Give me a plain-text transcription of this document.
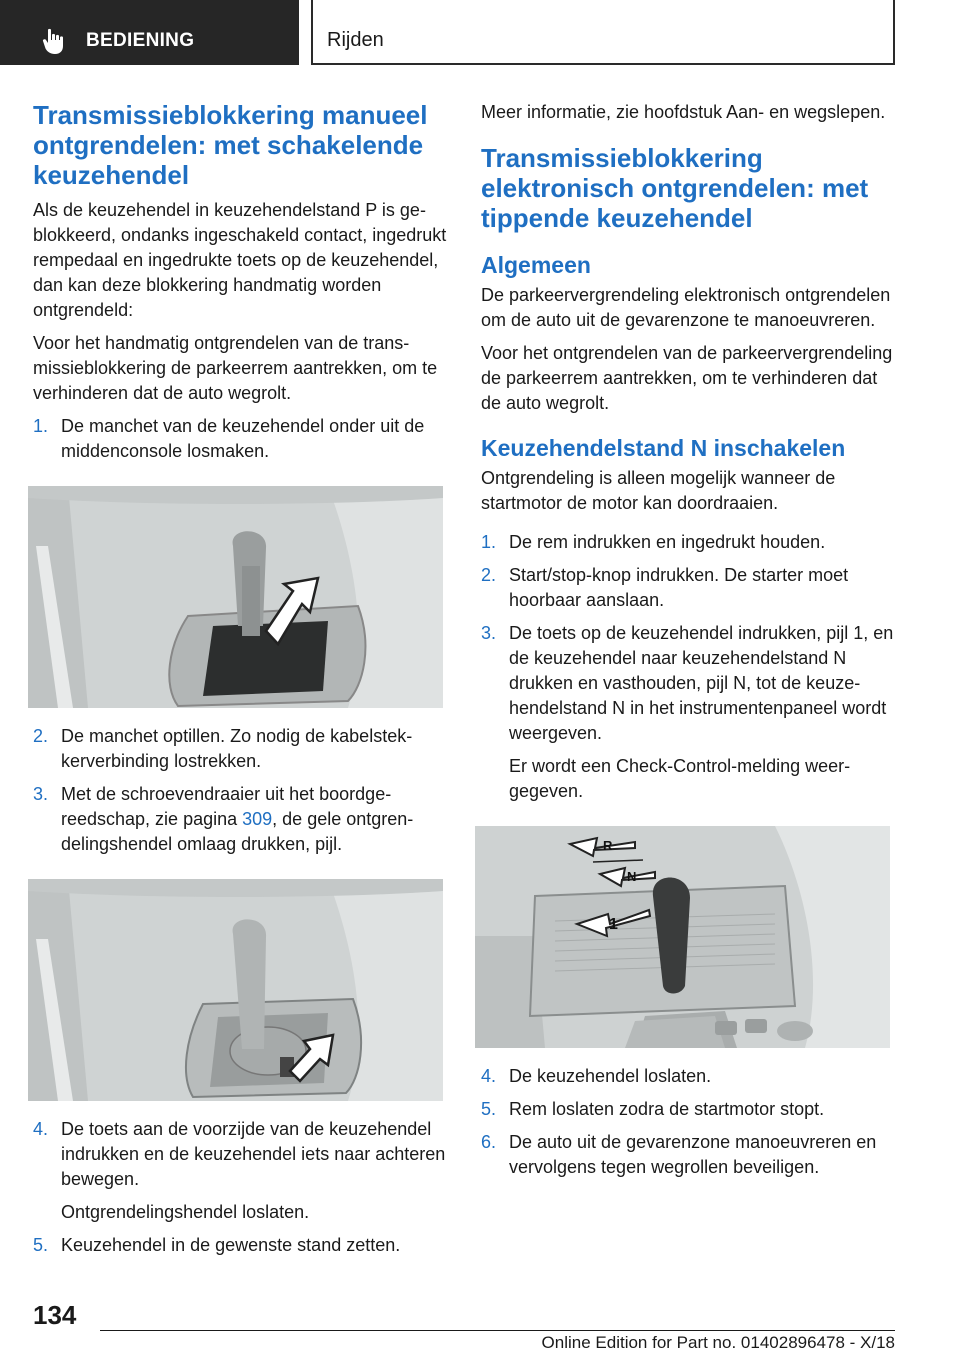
BEDIENING	Rijden
Transmissieblokkering manueel ontgrendelen: met schakelende keuzehendel

Als de keuzehendel in keuzehendelstand P is geblokkeerd, ondanks ingeschakeld contact, ingedrukt rempedaal en ingedrukte toets op de keuzehendel, dan kan deze blokkering handmatig worden ontgrendeld:

Voor het handmatig ontgrendelen van de transmissieblokkering de parkeerrem aantrekken, om te verhinderen dat de auto wegrolt.

1. De manchet van de keuzehendel onder uit de middenconsole losmaken.
2. De manchet optillen. Zo nodig de kabelstekkerverbinding lostrekken.
3. Met de schroevendraaier uit het boordgereedschap, zie pagina 309, de gele ontgrendelingshendel omlaag drukken, pijl.
4. De toets aan de voorzijde van de keuzehendel indrukken en de keuzehendel iets naar achteren bewegen.
Ontgrendelingshendel loslaten.
5. Keuzehendel in de gewenste stand zetten.

Meer informatie, zie hoofdstuk Aan- en wegslepen.

Transmissieblokkering elektronisch ontgrendelen: met tippende keuzehendel
Algemeen

De parkeervergrendeling elektronisch ontgrendelen om de auto uit de gevarenzone te manoeuvreren.

Voor het ontgrendelen van de parkeervergrendeling de parkeerrem aantrekken, om te verhinderen dat de auto wegrolt.

Keuzehendelstand N inschakelen

Ontgrendeling is alleen mogelijk wanneer de startmotor de motor kan doordraaien.

1. De rem indrukken en ingedrukt houden.
2. Start/stop-knop indrukken. De starter moet hoorbaar aanslaan.
3. De toets op de keuzehendel indrukken, pijl 1, en de keuzehendel naar keuzehendelstand N drukken en vasthouden, pijl N, tot de keuzehendelstand N in het instrumentenpaneel wordt weergeven.
Er wordt een Check-Control-melding weergegeven.
R
N
1
4. De keuzehendel loslaten.
5. Rem loslaten zodra de startmotor stopt.
6. De auto uit de gevarenzone manoeuvreren en vervolgens tegen wegrollen beveiligen.
134
Online Edition for Part no. 01402896478 - X/18
